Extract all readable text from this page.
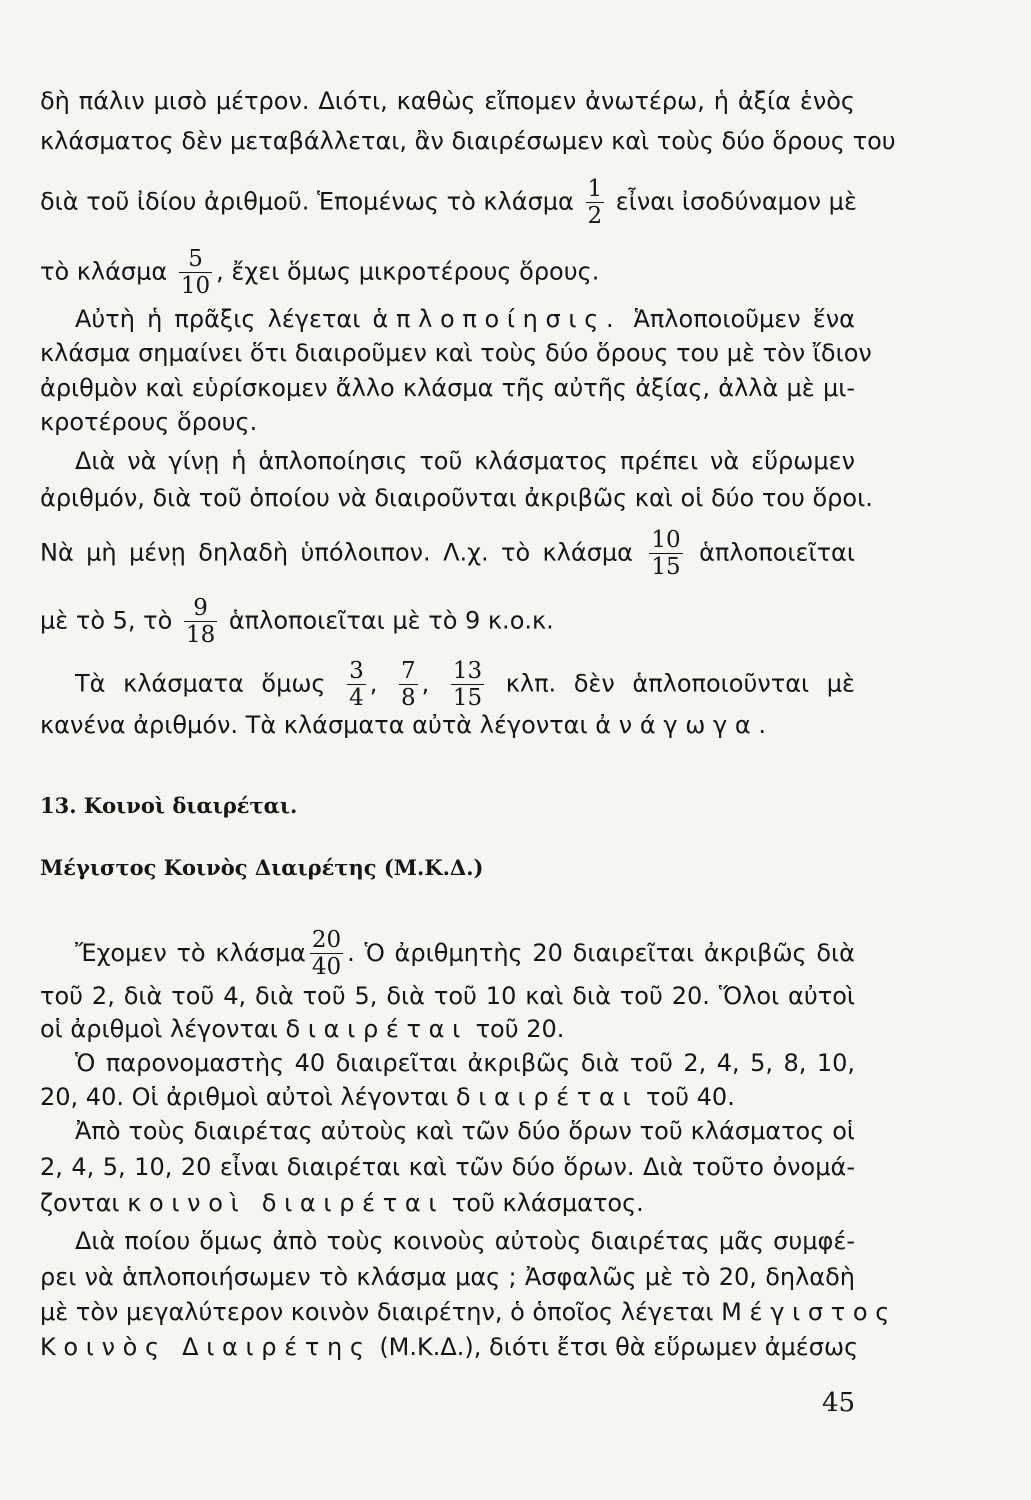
δὴ πάλιν μισὸ μέτρον. Διότι, καθὼς εἴπομεν ἀνωτέρω, ἡ ἀξία ἑνὸς
κλάσματος δὲν μεταβάλλεται, ἂν διαιρέσωμεν καὶ τοὺς δύο ὅρους του
διὰ τοῦ ἰδίου ἀριθμοῦ. Ἑπομένως τὸ κλάσμα $\frac{1}{2}$ εἶναι ἰσοδύναμον μὲ
τὸ κλάσμα $\frac{5}{10}$ , ἔχει ὅμως μικροτέρους ὅρους.
Αὐτὴ ἡ πρᾶξις λέγεται ἁπλοποίησις. Ἁπλοποιοῦμεν ἕνα
κλάσμα σημαίνει ὅτι διαιροῦμεν καὶ τοὺς δύο ὅρους του μὲ τὸν ἴδιον
ἀριθμὸν καὶ εὑρίσκομεν ἄλλο κλάσμα τῆς αὐτῆς ἀξίας, ἀλλὰ μὲ μι-
κροτέρους ὅρους.
Διὰ νὰ γίνῃ ἡ ἁπλοποίησις τοῦ κλάσματος πρέπει νὰ εὕρωμεν
ἀριθμόν, διὰ τοῦ ὁποίου νὰ διαιροῦνται ἀκριβῶς καὶ οἱ δύο του ὅροι.
Νὰ μὴ μένῃ δηλαδὴ ὑπόλοιπον. Λ.χ. τὸ κλάσμα $\frac{10}{15}$ ἁπλοποιεῖται
μὲ τὸ 5, τὸ $\frac{9}{18}$ ἁπλοποιεῖται μὲ τὸ 9 κ.ο.κ.
Τὰ κλάσματα ὅμως $\frac{3}{4}$ , $\frac{7}{8}$ , $\frac{13}{15} \kappa\lambda\pi$. δὲν ἁπλοποιοῦνται μὲ
κανένα ἀριθμόν. Τὰ κλάσματα αὐτὰ λέγονται ἀνάγωγα.
13. Κοινοὶ διαιρέται.
Μέγιστος Κοινὸς Διαιρέτης (Μ.Κ.Δ.)
Ἔχομεν τὸ κλάσμα $\frac{20}{40}$ . Ὁ ἀριθμητὴς 20 διαιρεῖται ἀκριβῶς διὰ
τοῦ 2, διὰ τοῦ 4, διὰ τοῦ 5, διὰ τοῦ 10 καὶ διὰ τοῦ 20. Ὅλοι αὐτοὶ
οἱ ἀριθμοὶ λέγονται διαιρέται τοῦ 20.
Ὁ παρονομαστὴς 40 διαιρεῖται ἀκριβῶς διὰ τοῦ 2, 4, 5, 8, 10,
20, 40. Οἱ ἀριθμοὶ αὐτοὶ λέγονται διαιρέται τοῦ 40.
Ἀπὸ τοὺς διαιρέτας αὐτοὺς καὶ τῶν δύο ὅρων τοῦ κλάσματος οἱ
2, 4, 5, 10, 20 εἶναι διαιρέται καὶ τῶν δύο ὅρων. Διὰ τοῦτο ὀνομά-
ζονται κοινοὶ διαιρέται τοῦ κλάσματος.
Διὰ ποίου ὅμως ἀπὸ τοὺς κοινοὺς αὐτοὺς διαιρέτας μᾶς συμφέ-
ρει νὰ ἁπλοποιήσωμεν τὸ κλάσμα μας ; Ἀσφαλῶς μὲ τὸ 20, δηλαδὴ
μὲ τὸν μεγαλύτερον κοινὸν διαιρέτην, ὁ ὁποῖος λέγεται Μέγιστος
Κοινὸς Διαιρέτης (Μ.Κ.Δ.), διότι ἔτσι θὰ εὕρωμεν ἀμέσως
45
